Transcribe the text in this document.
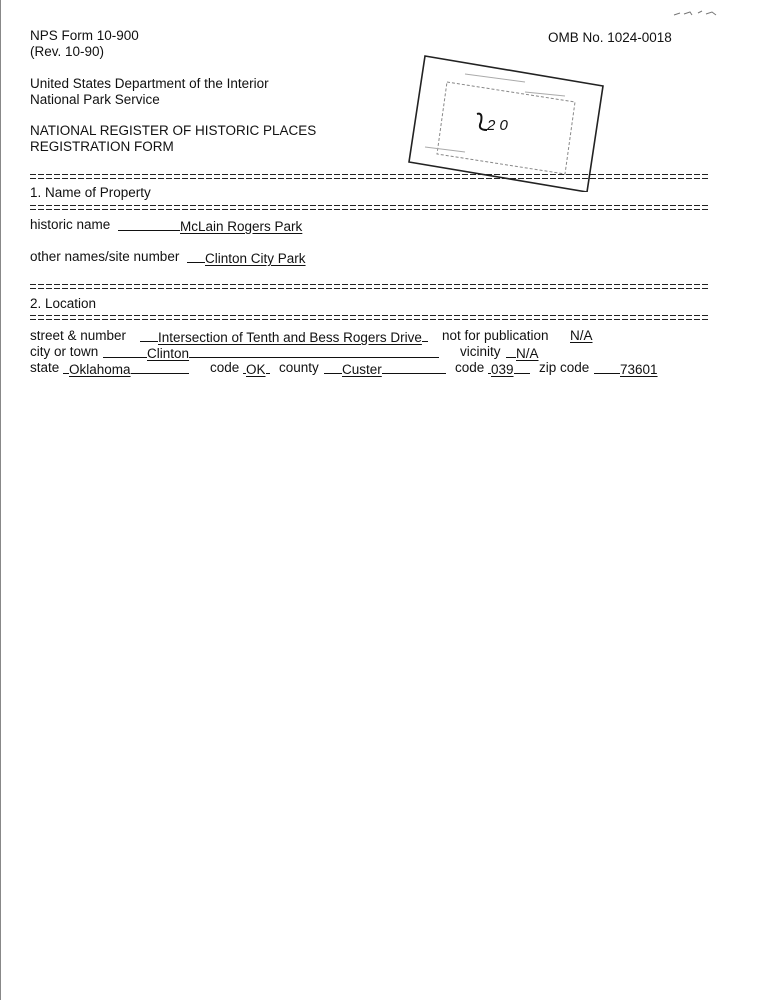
NPS Form 10-900
(Rev. 10-90)
OMB No. 1024-0018
United States Department of the Interior
National Park Service
NATIONAL REGISTER OF HISTORIC PLACES
REGISTRATION FORM
2 0
1. Name of Property
historic name	McLain Rogers Park
other names/site number	Clinton City Park
2. Location
street & number	Intersection of Tenth and Bess Rogers Drive	not for publication N/A
city or town	Clinton	vicinity	N/A
state Oklahoma	code OK county	Custer	code 039	zip code	73601
